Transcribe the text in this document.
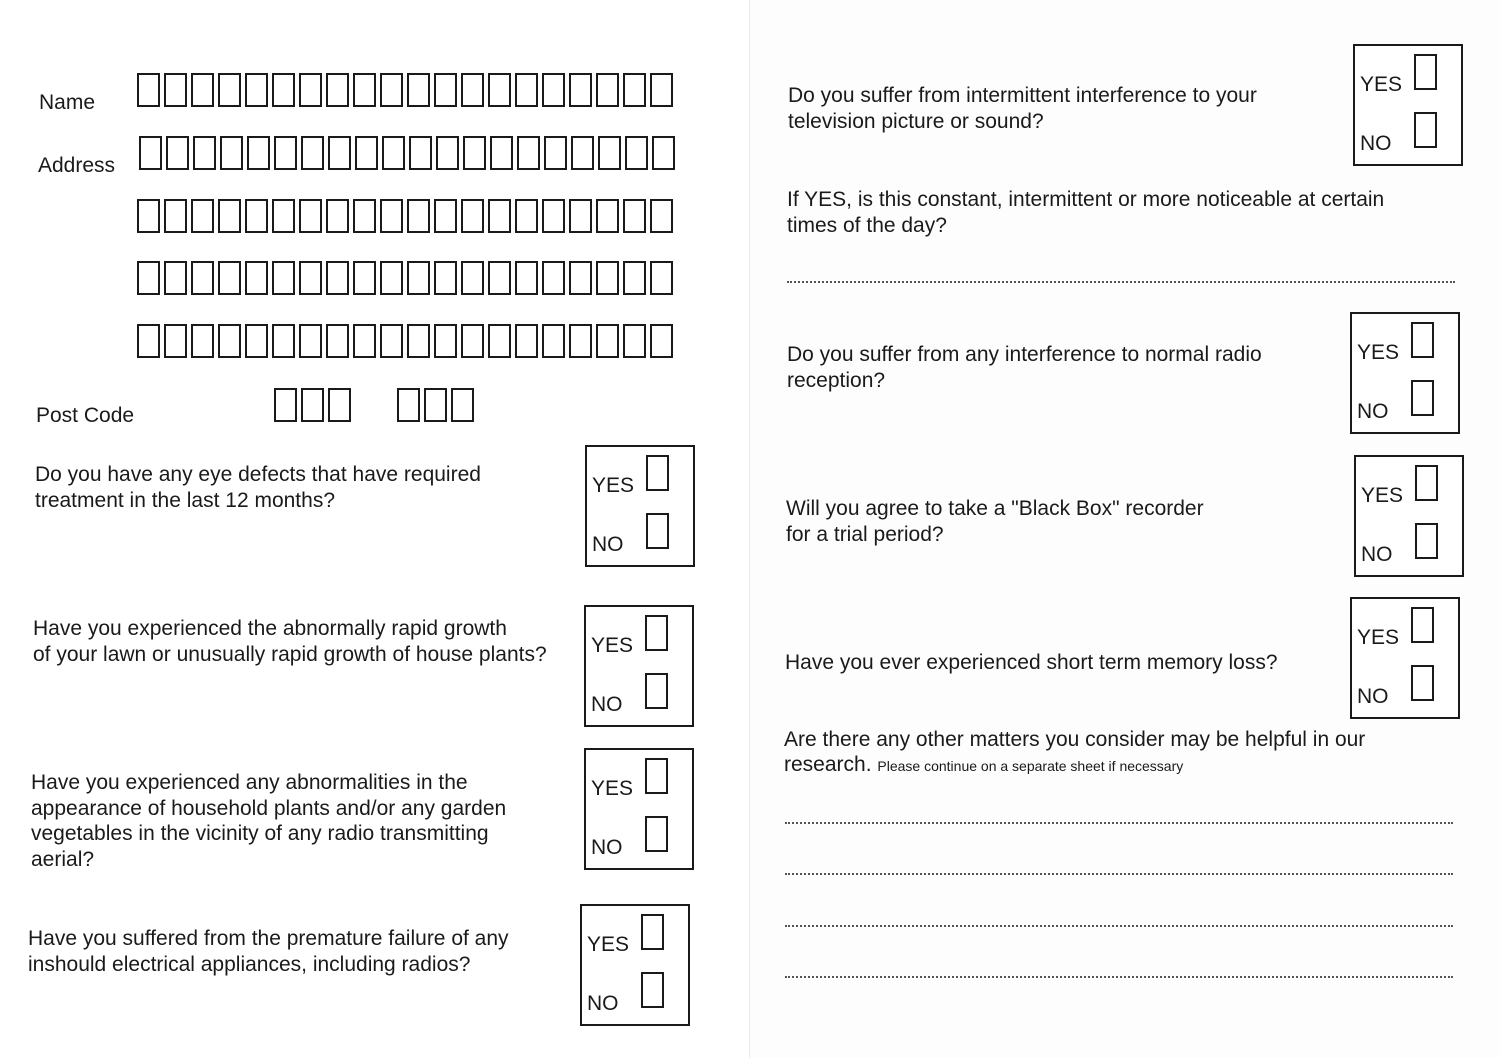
Name
Address
Post Code
Do you have any eye defects that have required
treatment in the last 12 months?
YES
NO
Have you experienced the abnormally rapid growth
of your lawn or unusually rapid growth of house plants? YES
NO
Have you experienced any abnormalities in the
appearance of household plants and/or any garden
vegetables in the vicinity of any radio transmitting
aerial?
YES
NO
Have you suffered from the premature failure of any
inshould electrical appliances, including radios?
YES
NO
Do you suffer from intermittent interference to your
television picture or sound?
YES
NO
If YES, is this constant, intermittent or more noticeable at certain
times of the day?
Do you suffer from any interference to normal radio
reception?
YES
NO
Will you agree to take a "Black Box" recorder
for a trial period?
YES
NO
Have you ever experienced short term memory loss?
YES
NO
Are there any other matters you consider may be helpful in our
research. Please continue on a separate sheet if necessary
